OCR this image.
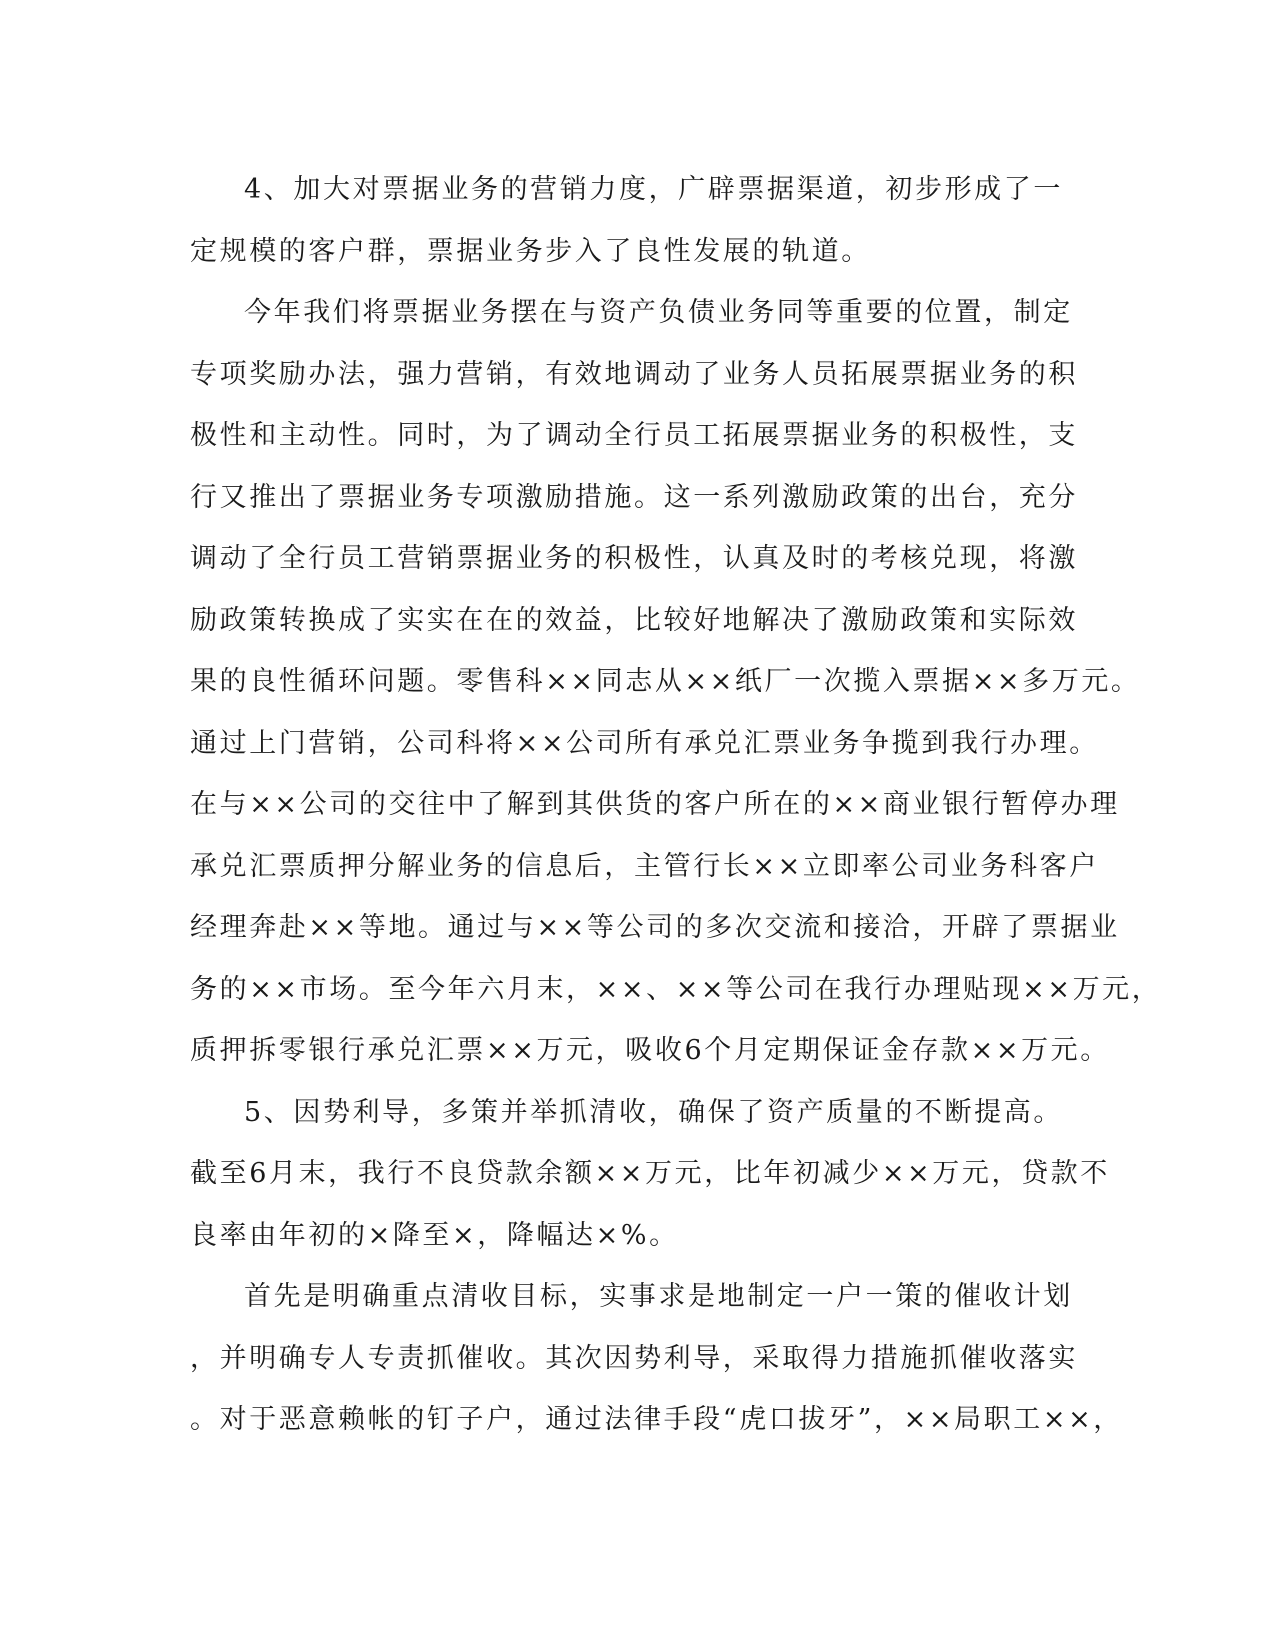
4、加大对票据业务的营销力度，广辟票据渠道，初步形成了一
定规模的客户群，票据业务步入了良性发展的轨道。

今年我们将票据业务摆在与资产负债业务同等重要的位置，制定
专项奖励办法，强力营销，有效地调动了业务人员拓展票据业务的积
极性和主动性。同时，为了调动全行员工拓展票据业务的积极性，支
行又推出了票据业务专项激励措施。这一系列激励政策的出台，充分
调动了全行员工营销票据业务的积极性，认真及时的考核兑现，将激
励政策转换成了实实在在的效益，比较好地解决了激励政策和实际效
果的良性循环问题。零售科××同志从××纸厂一次揽入票据××多万元。
通过上门营销，公司科将××公司所有承兑汇票业务争揽到我行办理。
在与××公司的交往中了解到其供货的客户所在的××商业银行暂停办理
承兑汇票质押分解业务的信息后，主管行长××立即率公司业务科客户
经理奔赴××等地。通过与××等公司的多次交流和接洽，开辟了票据业
务的××市场。至今年六月末，××、××等公司在我行办理贴现××万元，
质押拆零银行承兑汇票××万元，吸收6个月定期保证金存款××万元。

5、因势利导，多策并举抓清收，确保了资产质量的不断提高。
截至6月末，我行不良贷款余额××万元，比年初减少××万元，贷款不
良率由年初的×降至×，降幅达×%。

首先是明确重点清收目标，实事求是地制定一户一策的催收计划
，并明确专人专责抓催收。其次因势利导，采取得力措施抓催收落实
。对于恶意赖帐的钉子户，通过法律手段“虎口拔牙”，××局职工××，
